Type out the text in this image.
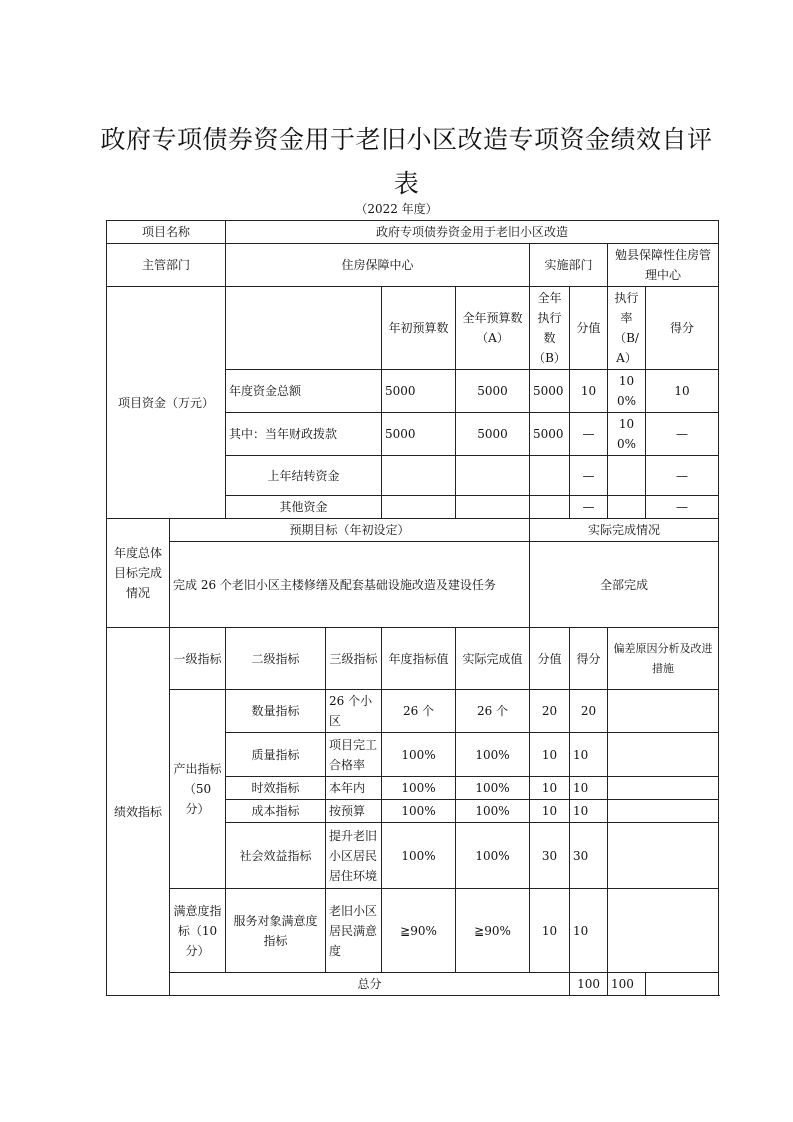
政府专项债券资金用于老旧小区改造专项资金绩效自评表
（2022 年度）
项目名称		政府专项债券资金用于老旧小区改造							
主管部门		住房保障中心				实施部门		勉县保障性住房管理中心	
项目资金（万元）				年初预算数	全年预算数（A）	全年执行数（B）	分值	执行率（B/A）	得分
		年度资金总额		5000	5000	5000	10	100%	10
		其中：当年财政拨款		5000	5000	5000	—	100%	—
		上年结转资金					—		—
		其他资金					—		—
年度总体目标完成情况	预期目标（年初设定）					实际完成情况			
	完成 26 个老旧小区主楼修缮及配套基础设施改造及建设任务					全部完成			
绩效指标	一级指标	二级指标	三级指标	年度指标值	实际完成值	分值	得分	偏差原因分析及改进措施	
	产出指标（50 分）	数量指标	26 个小区	26 个	26 个	20	20		
		质量指标	项目完工合格率	100%	100%	10	10		
		时效指标	本年内	100%	100%	10	10		
		成本指标	按预算	100%	100%	10	10		
		社会效益指标	提升老旧小区居民居住环境	100%	100%	30	30		
	满意度指标（10 分）	服务对象满意度指标	老旧小区居民满意度	≧90%	≧90%	10	10		
	总分						100	100	
